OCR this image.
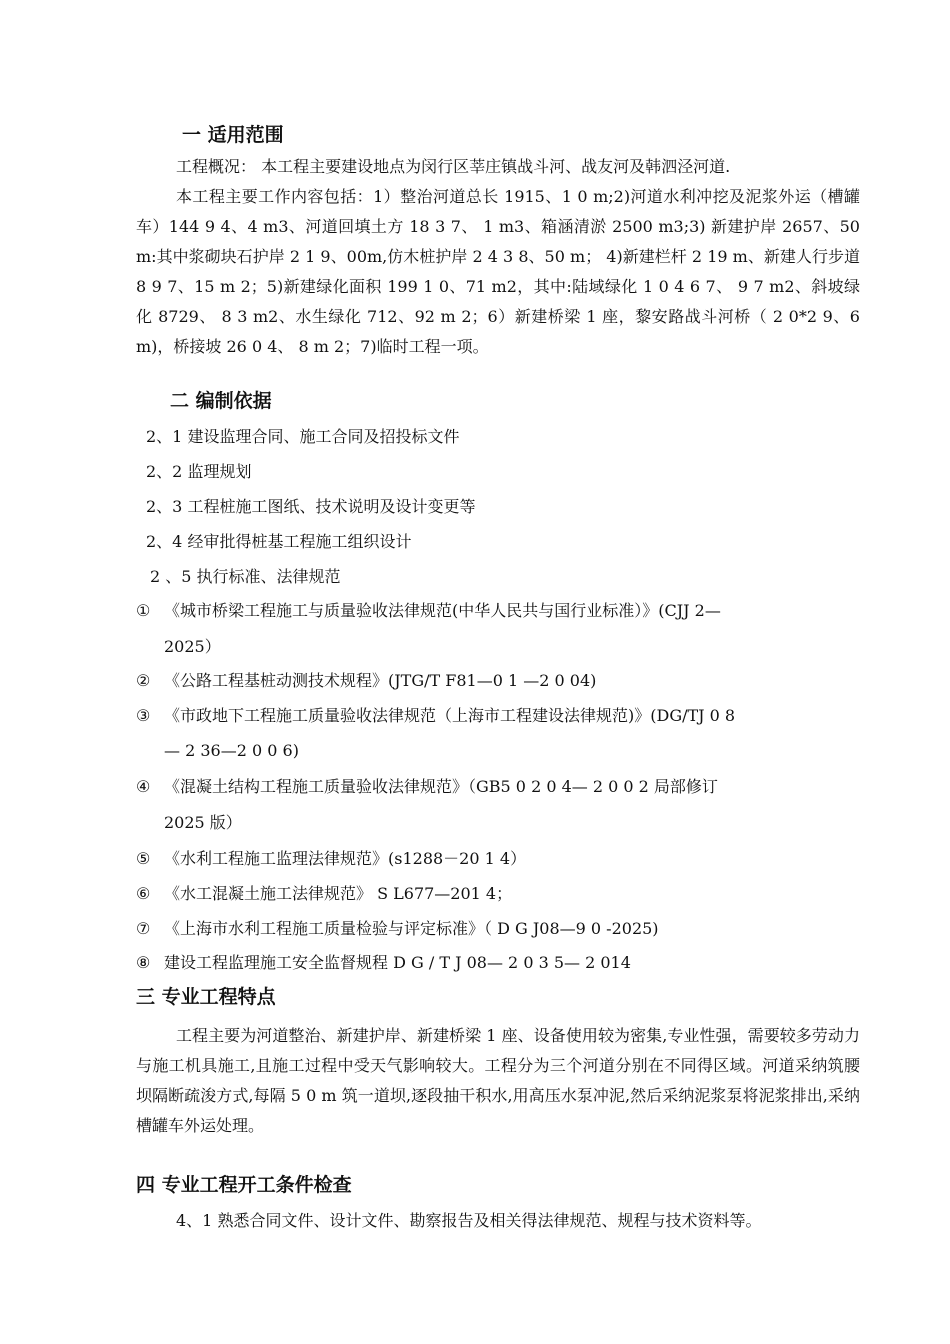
一 适用范围
工程概况： 本工程主要建设地点为闵行区莘庄镇战斗河、战友河及韩泗泾河道.
本工程主要工作内容包括：1）整治河道总长 1915、1 0 m;2)河道水利冲挖及泥浆外运（槽罐车）144 9 4、4 m3、河道回填土方 18 3 7、 1 m3、箱涵清淤 2500 m3;3) 新建护岸 2657、50 m:其中浆砌块石护岸 2 1 9、00m,仿木桩护岸 2 4 3 8、50 m； 4)新建栏杆 2 19 m、新建人行步道 8 9 7、15 m 2；5)新建绿化面积 199 1 0、71 m2，其中:陆域绿化 1 0 4 6 7、 9 7 m2、斜坡绿化 8729、 8 3 m2、水生绿化 712、92 m 2；6）新建桥梁 1 座，黎安路战斗河桥（ 2 0*2 9、6 m)，桥接坡 26 0 4、 8 m 2；7)临时工程一项。
二 编制依据
2、1 建设监理合同、施工合同及招投标文件
2、2 监理规划
2、3 工程桩施工图纸、技术说明及设计变更等
2、4 经审批得桩基工程施工组织设计
2 、5 执行标准、法律规范
① 《城市桥梁工程施工与质量验收法律规范(中华人民共与国行业标准）》(CJJ 2—
2025）
② 《公路工程基桩动测技术规程》(JTG/T F81—0 1 —2 0 04)
③ 《市政地下工程施工质量验收法律规范（上海市工程建设法律规范)》(DG/TJ 0 8
— 2 36—2 0 0 6)
④ 《混凝土结构工程施工质量验收法律规范》（GB5 0 2 0 4— 2 0 0 2 局部修订
2025 版）
⑤ 《水利工程施工监理法律规范》(s1288－20 1 4）
⑥ 《水工混凝土施工法律规范》 S L677—201 4；
⑦ 《上海市水利工程施工质量检验与评定标准》（ D G J08—9 0 -2025)
⑧ 建设工程监理施工安全监督规程 D G / T J 08— 2 0 3 5— 2 014
三 专业工程特点
工程主要为河道整治、新建护岸、新建桥梁 1 座、设备使用较为密集,专业性强，需要较多劳动力与施工机具施工,且施工过程中受天气影响较大。工程分为三个河道分别在不同得区域。河道采纳筑腰坝隔断疏浚方式,每隔 5 0 m 筑一道坝,逐段抽干积水,用高压水泵冲泥,然后采纳泥浆泵将泥浆排出,采纳槽罐车外运处理。
四 专业工程开工条件检查
4、1 熟悉合同文件、设计文件、勘察报告及相关得法律规范、规程与技术资料等。
